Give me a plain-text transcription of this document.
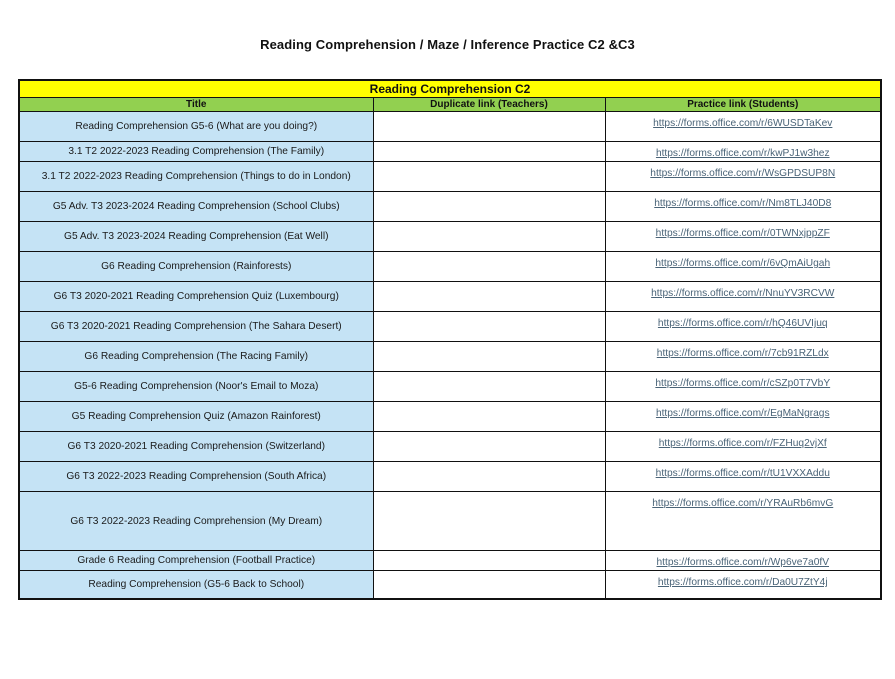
Reading Comprehension / Maze / Inference Practice C2 &C3
Reading Comprehension C2		
Title	Duplicate link (Teachers)	Practice link (Students)
Reading Comprehension G5-6 (What are you doing?)		https://forms.office.com/r/6WUSDTaKev
3.1 T2 2022-2023 Reading Comprehension (The Family)		https://forms.office.com/r/kwPJ1w3hez
3.1 T2 2022-2023 Reading Comprehension (Things to do in London)		https://forms.office.com/r/WsGPDSUP8N
G5 Adv. T3 2023-2024 Reading Comprehension (School Clubs)		https://forms.office.com/r/Nm8TLJ40D8
G5 Adv. T3 2023-2024 Reading Comprehension (Eat Well)		https://forms.office.com/r/0TWNxjppZF
G6 Reading Comprehension (Rainforests)		https://forms.office.com/r/6vQmAiUgah
G6 T3 2020-2021 Reading Comprehension Quiz (Luxembourg)		https://forms.office.com/r/NnuYV3RCVW
G6 T3 2020-2021 Reading Comprehension (The Sahara Desert)		https://forms.office.com/r/hQ46UVIjuq
G6 Reading Comprehension (The Racing Family)		https://forms.office.com/r/7cb91RZLdx
G5-6 Reading Comprehension (Noor's Email to Moza)		https://forms.office.com/r/cSZp0T7VbY
G5 Reading Comprehension Quiz (Amazon Rainforest)		https://forms.office.com/r/EgMaNgrags
G6 T3 2020-2021 Reading Comprehension (Switzerland)		https://forms.office.com/r/FZHuq2vjXf
G6 T3 2022-2023 Reading Comprehension (South Africa)		https://forms.office.com/r/tU1VXXAddu
G6 T3 2022-2023 Reading Comprehension (My Dream)		https://forms.office.com/r/YRAuRb6mvG
Grade 6 Reading Comprehension (Football Practice)		https://forms.office.com/r/Wp6ve7a0fV
Reading Comprehension (G5-6 Back to School)		https://forms.office.com/r/Da0U7ZtY4j
